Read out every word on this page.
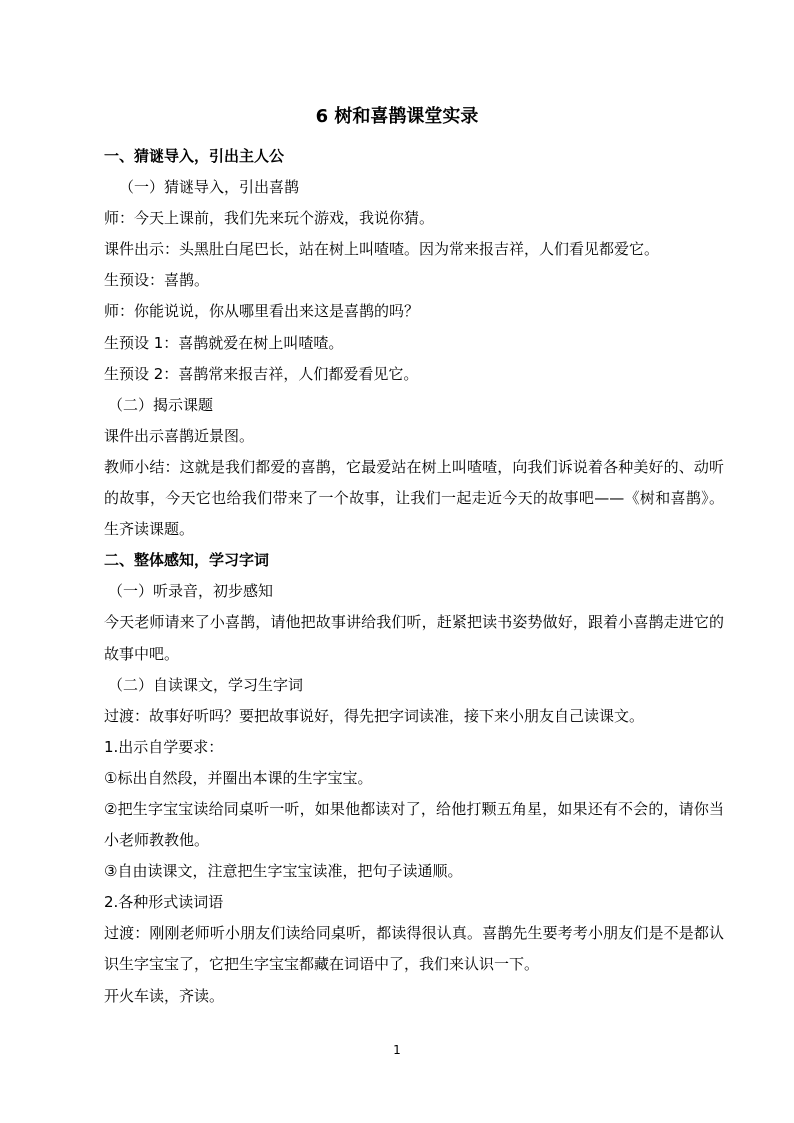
6 树和喜鹊课堂实录

一、猜谜导入，引出主人公

（一）猜谜导入，引出喜鹊

师：今天上课前，我们先来玩个游戏，我说你猜。

课件出示：头黑肚白尾巴长，站在树上叫喳喳。因为常来报吉祥，人们看见都爱它。

生预设：喜鹊。

师：你能说说，你从哪里看出来这是喜鹊的吗？

生预设 1：喜鹊就爱在树上叫喳喳。

生预设 2：喜鹊常来报吉祥，人们都爱看见它。

（二）揭示课题

课件出示喜鹊近景图。

教师小结：这就是我们都爱的喜鹊，它最爱站在树上叫喳喳，向我们诉说着各种美好的、动听的故事，今天它也给我们带来了一个故事，让我们一起走近今天的故事吧——《树和喜鹊》。生齐读课题。

二、整体感知，学习字词

（一）听录音，初步感知

今天老师请来了小喜鹊，请他把故事讲给我们听，赶紧把读书姿势做好，跟着小喜鹊走进它的故事中吧。

（二）自读课文，学习生字词

过渡：故事好听吗？要把故事说好，得先把字词读准，接下来小朋友自己读课文。

1.出示自学要求：

①标出自然段，并圈出本课的生字宝宝。

②把生字宝宝读给同桌听一听，如果他都读对了，给他打颗五角星，如果还有不会的，请你当小老师教教他。

③自由读课文，注意把生字宝宝读准，把句子读通顺。

2.各种形式读词语

过渡：刚刚老师听小朋友们读给同桌听，都读得很认真。喜鹊先生要考考小朋友们是不是都认识生字宝宝了，它把生字宝宝都藏在词语中了，我们来认识一下。

开火车读，齐读。

1
